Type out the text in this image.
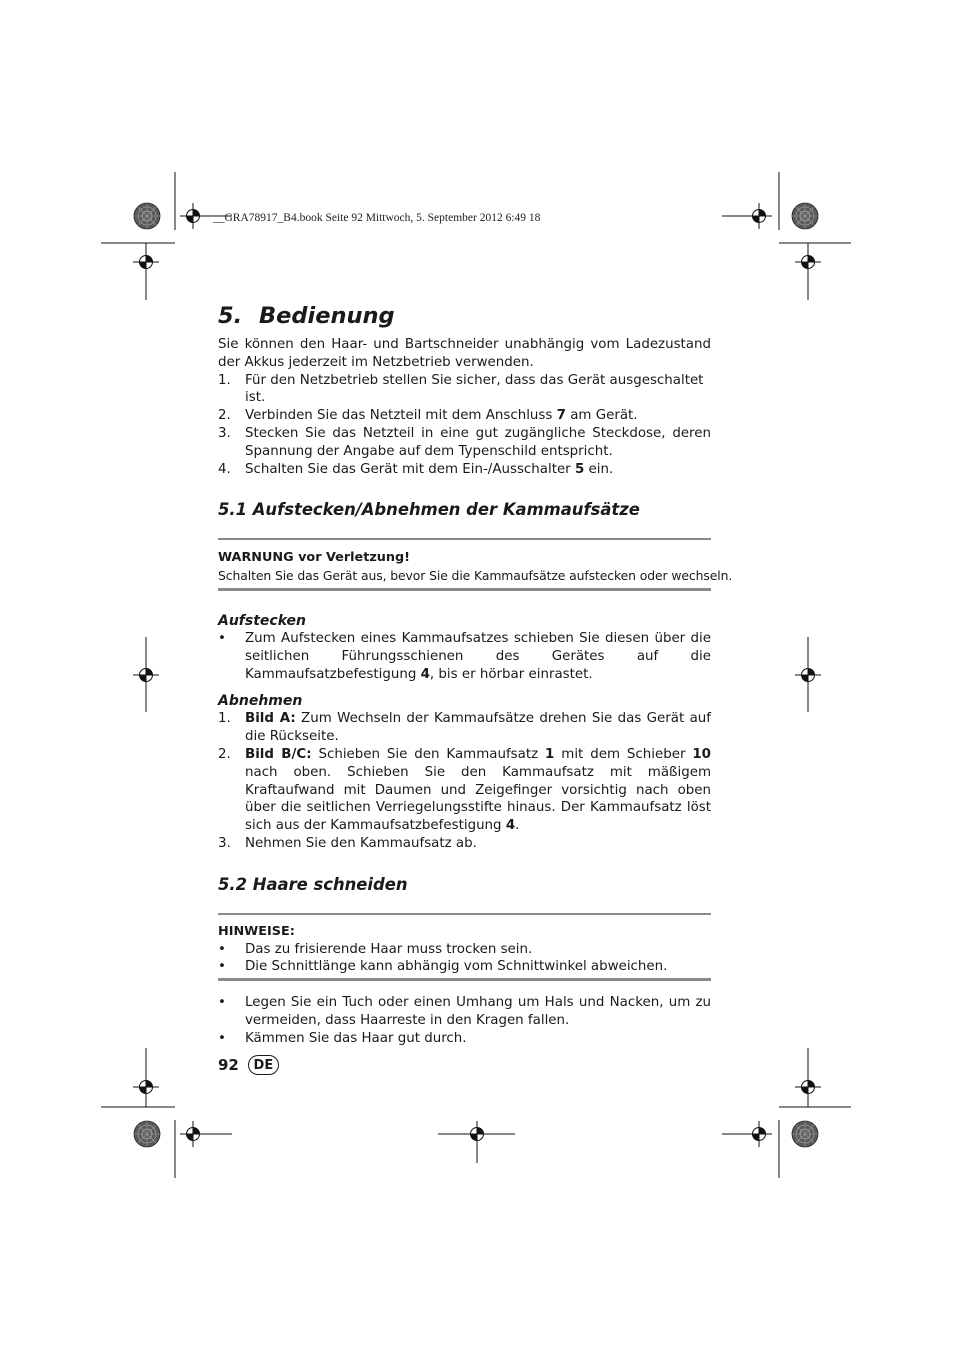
__GRA78917_B4.book Seite 92 Mittwoch, 5. September 2012 6:49 18
5. Bedienung

Sie können den Haar- und Bartschneider unabhängig vom Ladezustand der Akkus jederzeit im Netzbetrieb verwenden.

1.	Für den Netzbetrieb stellen Sie sicher, dass das Gerät ausgeschaltet ist.
2.	Verbinden Sie das Netzteil mit dem Anschluss 7 am Gerät.
3.	Stecken Sie das Netzteil in eine gut zugängliche Steckdose, deren Spannung der Angabe auf dem Typenschild entspricht.
4.	Schalten Sie das Gerät mit dem Ein-/Ausschalter 5 ein.
5.1 Aufstecken/Abnehmen der Kammaufsätze
WARNUNG vor Verletzung!
Schalten Sie das Gerät aus, bevor Sie die Kammaufsätze aufstecken oder wechseln.
Aufstecken
•	Zum Aufstecken eines Kammaufsatzes schieben Sie diesen über die seitlichen Führungsschienen des Gerätes auf die Kammaufsatzbefestigung 4, bis er hörbar einrastet.
Abnehmen
1.	Bild A: Zum Wechseln der Kammaufsätze drehen Sie das Gerät auf die Rückseite.
2.	Bild B/C: Schieben Sie den Kammaufsatz 1 mit dem Schieber 10 nach oben. Schieben Sie den Kammaufsatz mit mäßigem Kraftaufwand mit Daumen und Zeigefinger vorsichtig nach oben über die seitlichen Verriegelungsstifte hinaus. Der Kammaufsatz löst sich aus der Kammaufsatzbefestigung 4.
3.	Nehmen Sie den Kammaufsatz ab.
5.2 Haare schneiden
HINWEISE:
•	Das zu frisierende Haar muss trocken sein.
•	Die Schnittlänge kann abhängig vom Schnittwinkel abweichen.
•	Legen Sie ein Tuch oder einen Umhang um Hals und Nacken, um zu vermeiden, dass Haarreste in den Kragen fallen.
•	Kämmen Sie das Haar gut durch.
92	DE
